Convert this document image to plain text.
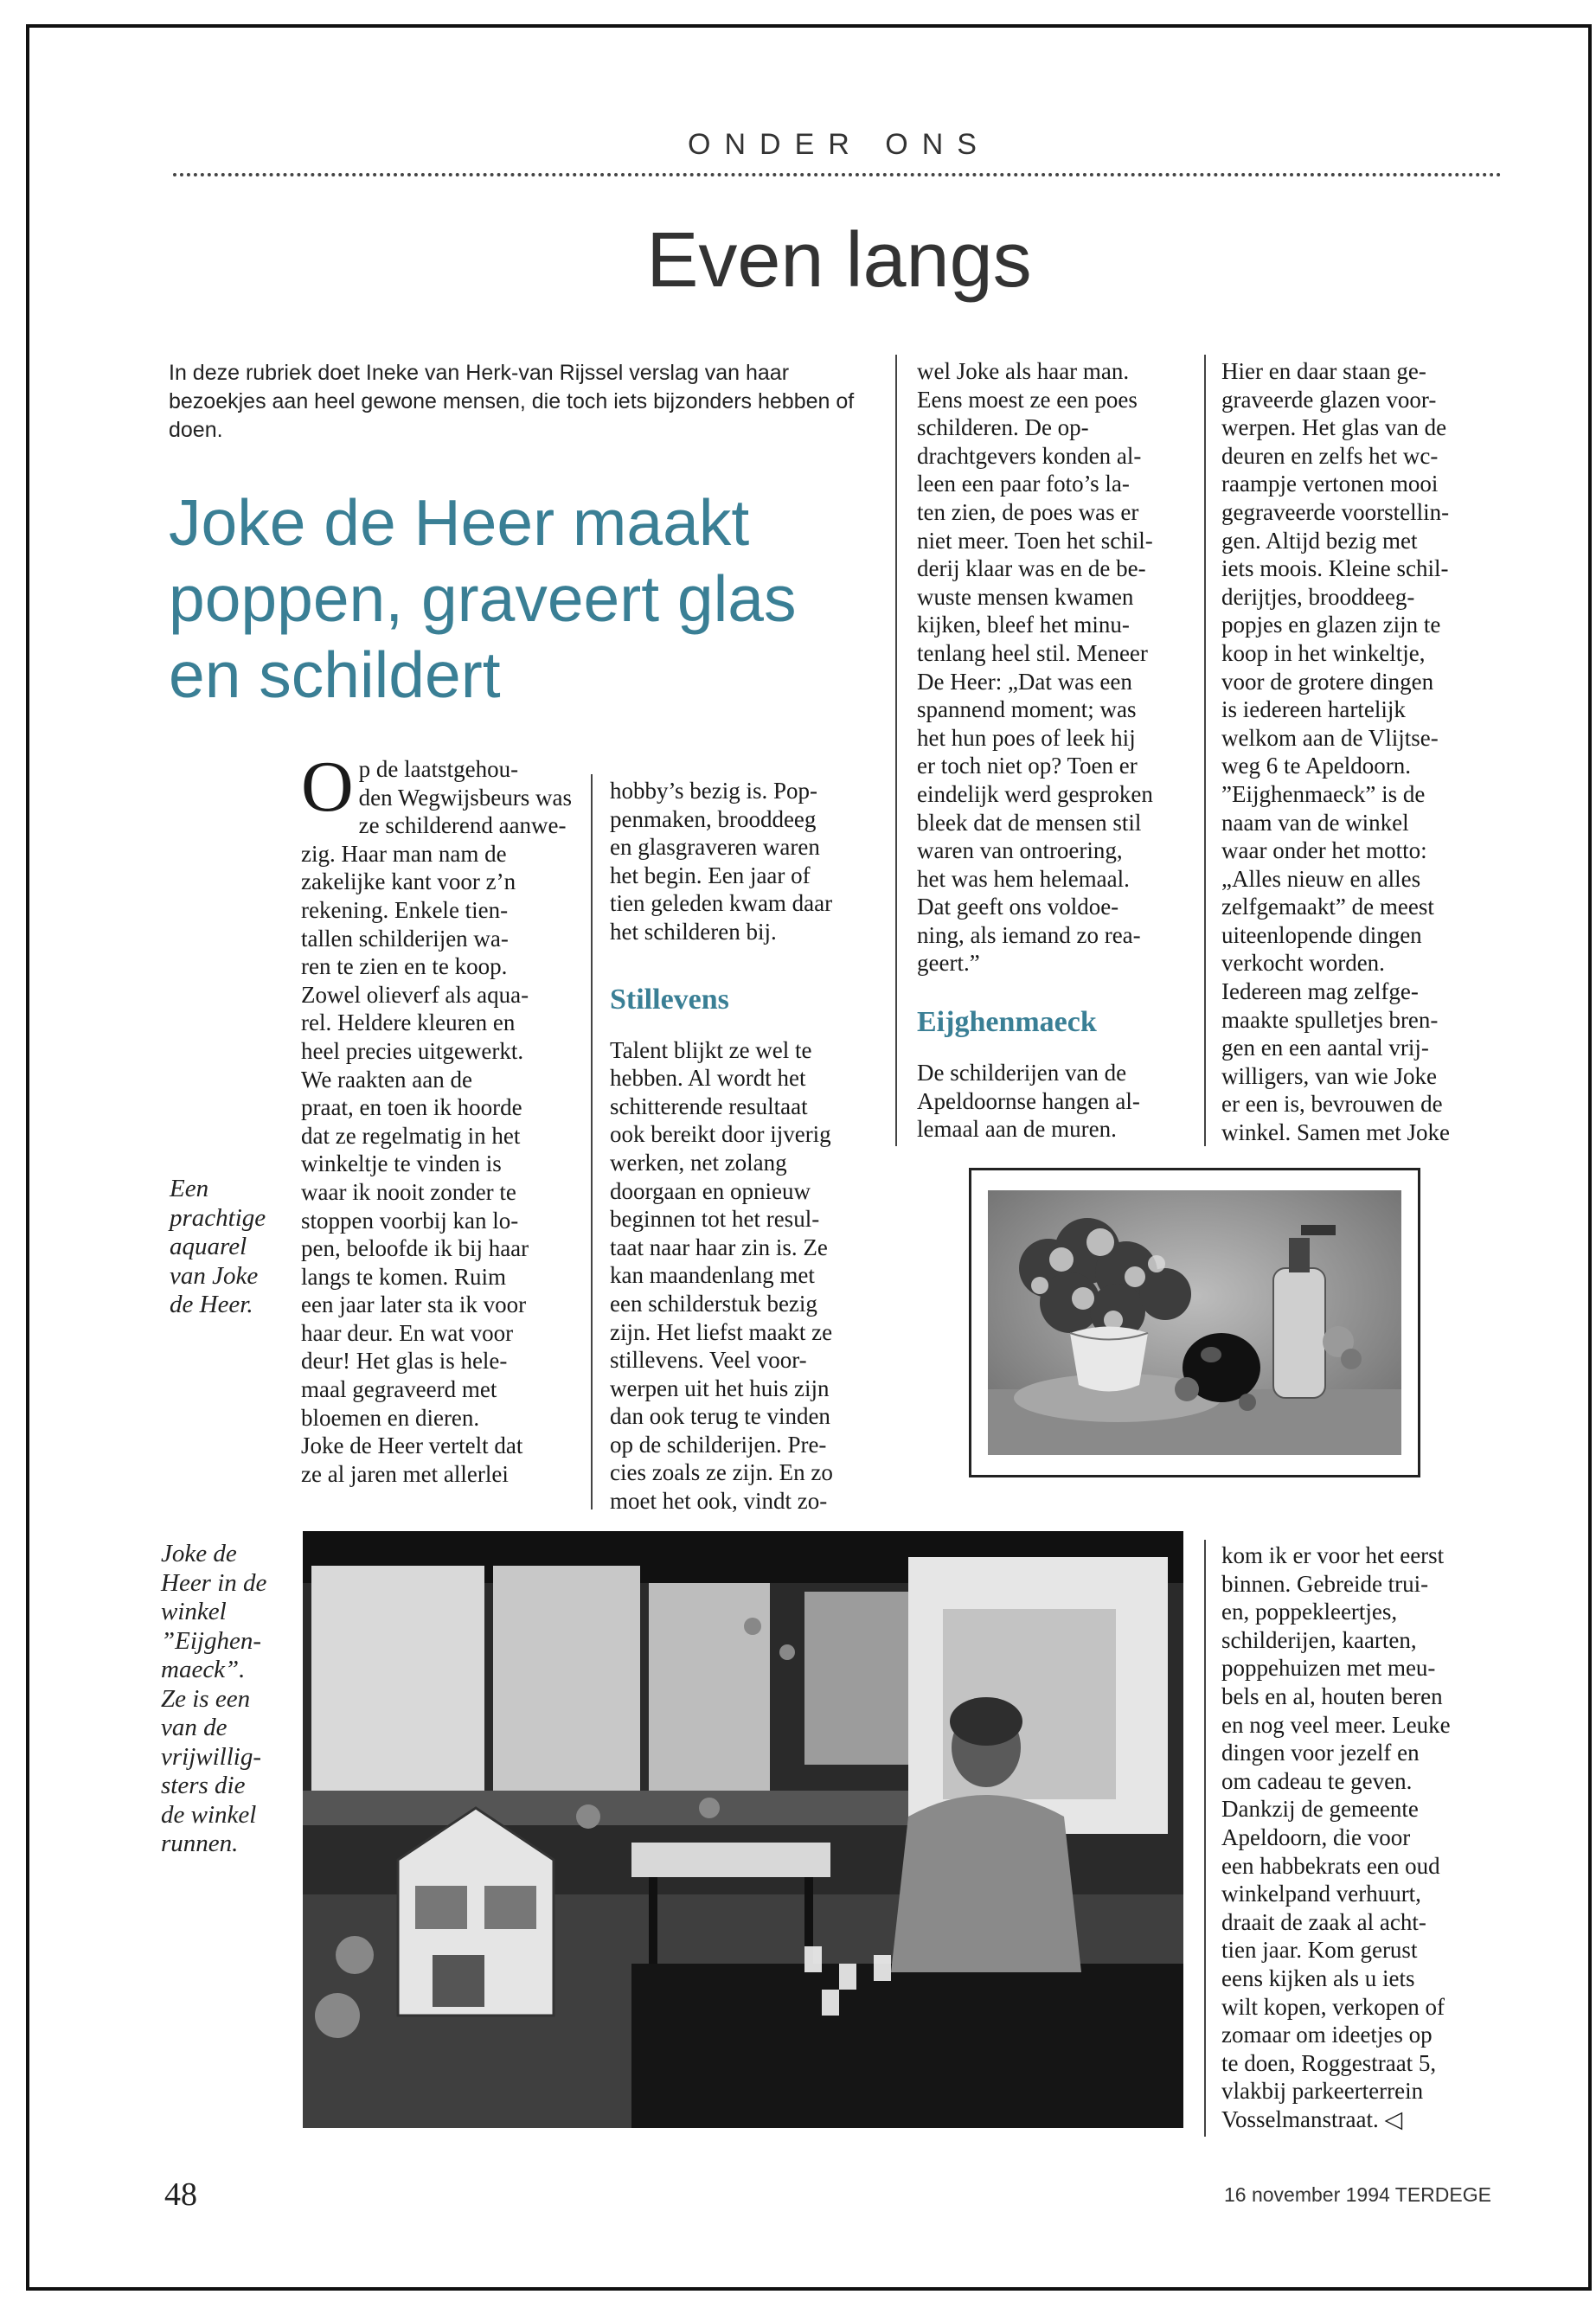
ONDER ONS
Even langs
In deze rubriek doet Ineke van Herk-van Rijssel verslag van haar bezoekjes aan heel gewone mensen, die toch iets bijzonders hebben of doen.
Joke de Heer maakt
poppen, graveert glas
en schildert
O p de laatstgehou-
den Wegwijsbeurs was
ze schilderend aanwe-
zig. Haar man nam de
zakelijke kant voor z’n
rekening. Enkele tien-
tallen schilderijen wa-
ren te zien en te koop.
Zowel olieverf als aqua-
rel. Heldere kleuren en
heel precies uitgewerkt.
We raakten aan de
praat, en toen ik hoorde
dat ze regelmatig in het
winkeltje te vinden is
waar ik nooit zonder te
stoppen voorbij kan lo-
pen, beloofde ik bij haar
langs te komen. Ruim
een jaar later sta ik voor
haar deur. En wat voor
deur! Het glas is hele-
maal gegraveerd met
bloemen en dieren.
Joke de Heer vertelt dat
ze al jaren met allerlei
hobby’s bezig is. Pop-
penmaken, brooddeeg
en glasgraveren waren
het begin. Een jaar of
tien geleden kwam daar
het schilderen bij.

Stillevens

Talent blijkt ze wel te
hebben. Al wordt het
schitterende resultaat
ook bereikt door ijverig
werken, net zolang
doorgaan en opnieuw
beginnen tot het resul-
taat naar haar zin is. Ze
kan maandenlang met
een schilderstuk bezig
zijn. Het liefst maakt ze
stillevens. Veel voor-
werpen uit het huis zijn
dan ook terug te vinden
op de schilderijen. Pre-
cies zoals ze zijn. En zo
moet het ook, vindt zo-
wel Joke als haar man.
Eens moest ze een poes
schilderen. De op-
drachtgevers konden al-
leen een paar foto’s la-
ten zien, de poes was er
niet meer. Toen het schil-
derij klaar was en de be-
wuste mensen kwamen
kijken, bleef het minu-
tenlang heel stil. Meneer
De Heer: „Dat was een
spannend moment; was
het hun poes of leek hij
er toch niet op? Toen er
eindelijk werd gesproken
bleek dat de mensen stil
waren van ontroering,
het was hem helemaal.
Dat geeft ons voldoe-
ning, als iemand zo rea-
geert.”

Eijghenmaeck

De schilderijen van de
Apeldoornse hangen al-
lemaal aan de muren.
Hier en daar staan ge-
graveerde glazen voor-
werpen. Het glas van de
deuren en zelfs het wc-
raampje vertonen mooi
gegraveerde voorstellin-
gen. Altijd bezig met
iets moois. Kleine schil-
derijtjes, brooddeeg-
popjes en glazen zijn te
koop in het winkeltje,
voor de grotere dingen
is iedereen hartelijk
welkom aan de Vlijtse-
weg 6 te Apeldoorn.
”Eijghenmaeck” is de
naam van de winkel
waar onder het motto:
„Alles nieuw en alles
zelfgemaakt” de meest
uiteenlopende dingen
verkocht worden.
Iedereen mag zelfge-
maakte spulletjes bren-
gen en een aantal vrij-
willigers, van wie Joke
er een is, bevrouwen de
winkel. Samen met Joke
kom ik er voor het eerst
binnen. Gebreide trui-
en, poppekleertjes,
schilderijen, kaarten,
poppehuizen met meu-
bels en al, houten beren
en nog veel meer. Leuke
dingen voor jezelf en
om cadeau te geven.
Dankzij de gemeente
Apeldoorn, die voor
een habbekrats een oud
winkelpand verhuurt,
draait de zaak al acht-
tien jaar. Kom gerust
eens kijken als u iets
wilt kopen, verkopen of
zomaar om ideetjes op
te doen, Roggestraat 5,
vlakbij parkeerterrein
Vosselmanstraat. ◁
Een
prachtige
aquarel
van Joke
de Heer.
Joke de
Heer in de
winkel
”Eijghen-
maeck”.
Ze is een
van de
vrijwillig-
sters die
de winkel
runnen.
48	16 november 1994 TERDEGE
